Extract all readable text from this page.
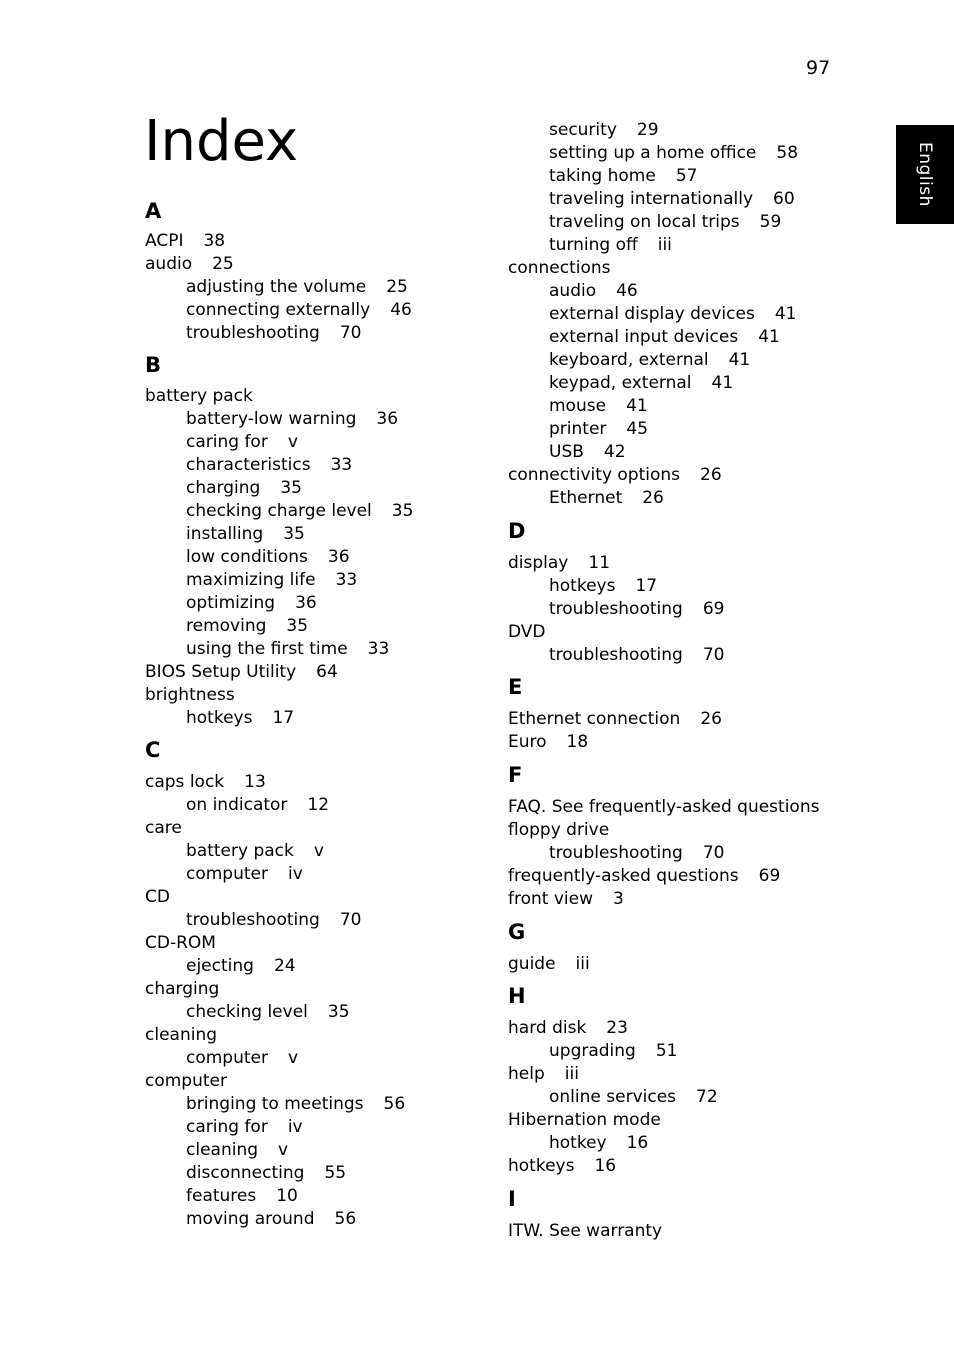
97
English
Index
A
ACPI 38
audio 25
adjusting the volume 25
connecting externally 46
troubleshooting 70
B
battery pack
battery-low warning 36
caring for v
characteristics 33
charging 35
checking charge level 35
installing 35
low conditions 36
maximizing life 33
optimizing 36
removing 35
using the first time 33
BIOS Setup Utility 64
brightness
hotkeys 17
C
caps lock 13
on indicator 12
care
battery pack v
computer iv
CD
troubleshooting 70
CD-ROM
ejecting 24
charging
checking level 35
cleaning
computer v
computer
bringing to meetings 56
caring for iv
cleaning v
disconnecting 55
features 10
moving around 56
security 29
setting up a home office 58
taking home 57
traveling internationally 60
traveling on local trips 59
turning off iii
connections
audio 46
external display devices 41
external input devices 41
keyboard, external 41
keypad, external 41
mouse 41
printer 45
USB 42
connectivity options 26
Ethernet 26
D
display 11
hotkeys 17
troubleshooting 69
DVD
troubleshooting 70
E
Ethernet connection 26
Euro 18
F
FAQ. See frequently-asked questions
floppy drive
troubleshooting 70
frequently-asked questions 69
front view 3
G
guide iii
H
hard disk 23
upgrading 51
help iii
online services 72
Hibernation mode
hotkey 16
hotkeys 16
I
ITW. See warranty
